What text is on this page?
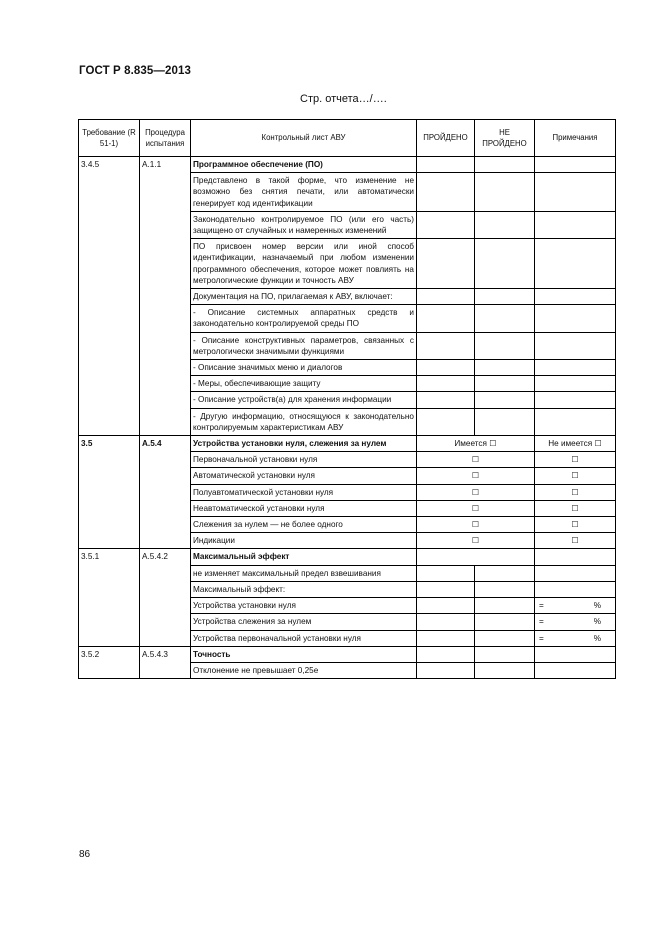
ГОСТ Р 8.835—2013
Стр. отчета…/….
Требование (R 51-1)	Процедура испытания	Контрольный лист АВУ	ПРОЙДЕНО	НЕ ПРОЙДЕНО	Примечания
3.4.5	A.1.1	Программное обеспечение (ПО)			
		Представлено в такой форме, что изменение не возможно без снятия печати, или автоматически генерирует код идентификации			
		Законодательно контролируемое ПО (или его часть) защищено от случайных и намеренных изменений			
		ПО присвоен номер версии или иной способ идентификации, назначаемый при любом изменении программного обеспечения, которое может повлиять на метрологические функции и точность АВУ			
		Документация на ПО, прилагаемая к АВУ, включает:			
		- Описание системных аппаратных средств и законодательно контролируемой среды ПО			
		- Описание конструктивных параметров, связанных с метрологически значимыми функциями			
		- Описание значимых меню и диалогов			
		- Меры, обеспечивающие защиту			
		- Описание устройств(а) для хранения информации			
		- Другую информацию, относящуюся к законодательно контролируемым характеристикам АВУ			
3.5	A.5.4	Устройства установки нуля, слежения за нулем	Имеется ☐		Не имеется ☐
		Первоначальной установки нуля	☐		☐
		Автоматической установки нуля	☐		☐
		Полуавтоматической установки нуля	☐		☐
		Неавтоматической установки нуля	☐		☐
		Слежения за нулем — не более одного	☐		☐
		Индикации	☐		☐
3.5.1	A.5.4.2	Максимальный эффект			
		не изменяет максимальный предел взвешивания			
		Максимальный эффект:			
		Устройства установки нуля			= %

		Устройства слежения за нулем			= %

		Устройства первоначальной установки нуля			= %

3.5.2	A.5.4.3	Точность			
		Отклонение не превышает 0,25e			
86
